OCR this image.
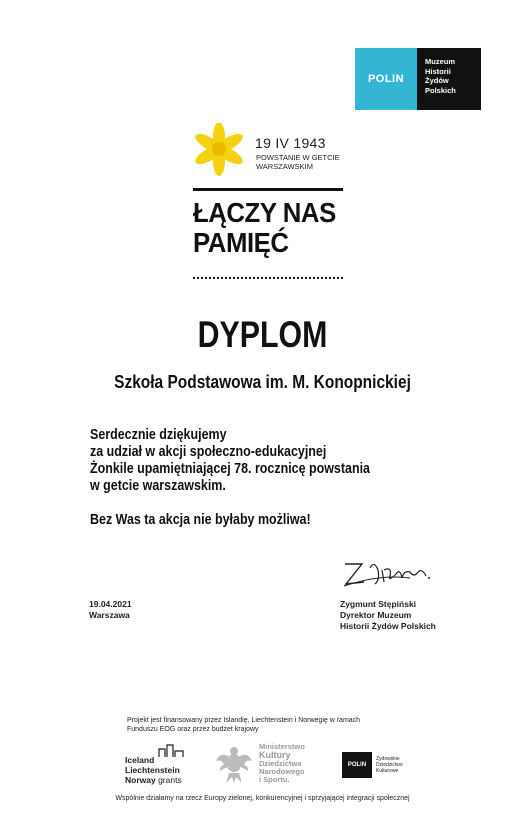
POLIN
Muzeum
Historii
Żydów
Polskich
19 IV 1943
POWSTANIE W GETCIE
WARSZAWSKIM
ŁĄCZY NAS
PAMIĘĆ
DYPLOM
Szkoła Podstawowa im. M. Konopnickiej
Serdecznie dziękujemy
za udział w akcji społeczno-edukacyjnej
Żonkile upamiętniającej 78. rocznicę powstania
w getcie warszawskim.
Bez Was ta akcja nie byłaby możliwa!
19.04.2021
Warszawa
Zygmunt Stępiński
Dyrektor Muzeum
Historii Żydów Polskich
Projekt jest finansowany przez Islandię, Liechtenstein i Norwegię w ramach
Funduszu EOG oraz przez budżet krajowy
Iceland
Liechtenstein
Norway grants
Ministerstwo
Kultury
Dziedzictwa
Narodowego
i Sportu.
POLIN
Żydowskie
Dziedzictwo
Kulturowe
Wspólnie działamy na rzecz Europy zielonej, konkurencyjnej i sprzyjającej integracji społecznej
